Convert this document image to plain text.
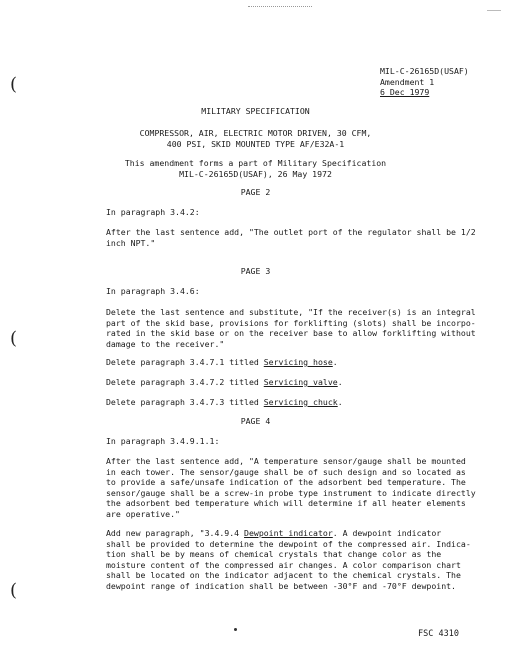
(
(
(
MIL-C-26165D(USAF)
Amendment 1
6 Dec 1979
MILITARY SPECIFICATION
COMPRESSOR, AIR, ELECTRIC MOTOR DRIVEN, 30 CFM,
400 PSI, SKID MOUNTED TYPE AF/E32A-1
This amendment forms a part of Military Specification
MIL-C-26165D(USAF), 26 May 1972
PAGE 2
In paragraph 3.4.2:
After the last sentence add, "The outlet port of the regulator shall be 1/2
inch NPT."
PAGE 3
In paragraph 3.4.6:
Delete the last sentence and substitute, "If the receiver(s) is an integral
part of the skid base, provisions for forklifting (slots) shall be incorpo-
rated in the skid base or on the receiver base to allow forklifting without
damage to the receiver."
Delete paragraph 3.4.7.1 titled Servicing hose.
Delete paragraph 3.4.7.2 titled Servicing valve.
Delete paragraph 3.4.7.3 titled Servicing chuck.
PAGE 4
In paragraph 3.4.9.1.1:
After the last sentence add, "A temperature sensor/gauge shall be mounted
in each tower. The sensor/gauge shall be of such design and so located as
to provide a safe/unsafe indication of the adsorbent bed temperature. The
sensor/gauge shall be a screw-in probe type instrument to indicate directly
the adsorbent bed temperature which will determine if all heater elements
are operative."
Add new paragraph, "3.4.9.4 Dewpoint indicator. A dewpoint indicator
shall be provided to determine the dewpoint of the compressed air. Indica-
tion shall be by means of chemical crystals that change color as the
moisture content of the compressed air changes. A color comparison chart
shall be located on the indicator adjacent to the chemical crystals. The
dewpoint range of indication shall be between -30°F and -70°F dewpoint.
FSC 4310
